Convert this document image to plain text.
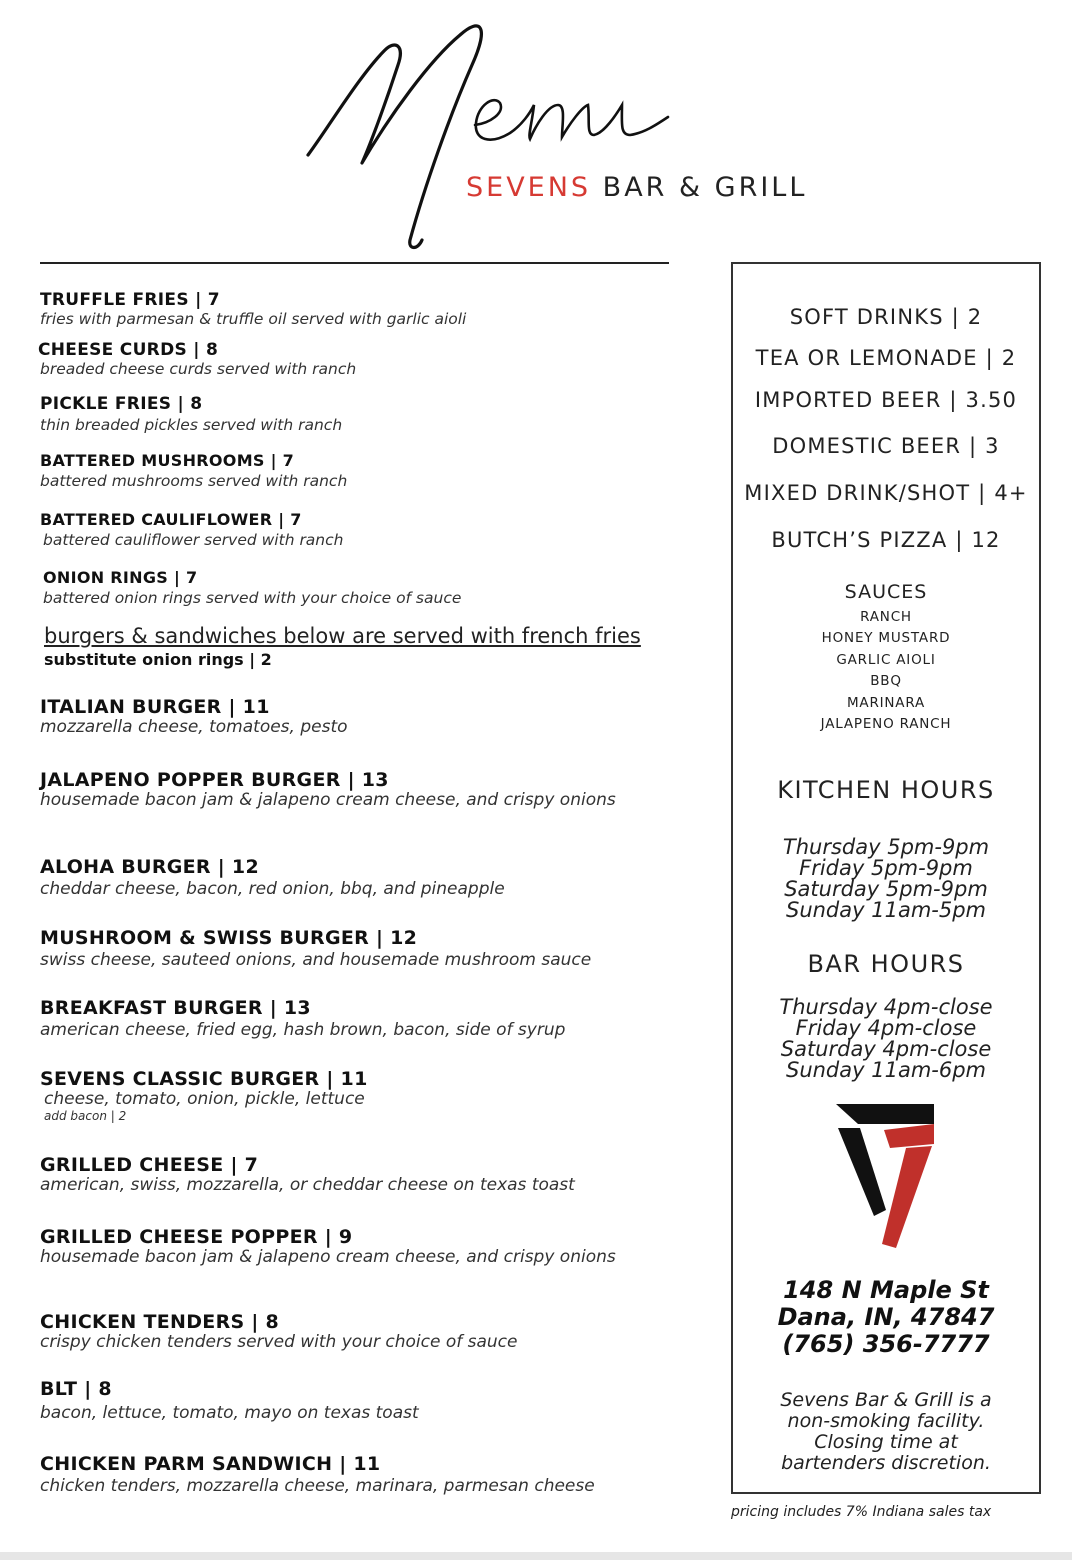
SEVENS BAR & GRILL
TRUFFLE FRIES | 7
fries with parmesan & truffle oil served with garlic aioli
CHEESE CURDS | 8
breaded cheese curds served with ranch
PICKLE FRIES | 8
thin breaded pickles served with ranch
BATTERED MUSHROOMS | 7
battered mushrooms served with ranch
BATTERED CAULIFLOWER | 7
battered cauliflower served with ranch
ONION RINGS | 7
battered onion rings served with your choice of sauce
burgers & sandwiches below are served with french fries
substitute onion rings | 2
ITALIAN BURGER | 11
mozzarella cheese, tomatoes, pesto
JALAPENO POPPER BURGER | 13
housemade bacon jam & jalapeno cream cheese, and crispy onions
ALOHA BURGER | 12
cheddar cheese, bacon, red onion, bbq, and pineapple
MUSHROOM & SWISS BURGER | 12
swiss cheese, sauteed onions, and housemade mushroom sauce
BREAKFAST BURGER | 13
american cheese, fried egg, hash brown, bacon, side of syrup
SEVENS CLASSIC BURGER | 11
cheese, tomato, onion, pickle, lettuce
add bacon | 2
GRILLED CHEESE | 7
american, swiss, mozzarella, or cheddar cheese on texas toast
GRILLED CHEESE POPPER | 9
housemade bacon jam & jalapeno cream cheese, and crispy onions
CHICKEN TENDERS | 8
crispy chicken tenders served with your choice of sauce
BLT | 8
bacon, lettuce, tomato, mayo on texas toast
CHICKEN PARM SANDWICH | 11
chicken tenders, mozzarella cheese, marinara, parmesan cheese
SOFT DRINKS | 2
TEA OR LEMONADE | 2
IMPORTED BEER | 3.50
DOMESTIC BEER | 3
MIXED DRINK/SHOT | 4+
BUTCH’S PIZZA | 12
SAUCES
RANCH
HONEY MUSTARD
GARLIC AIOLI
BBQ
MARINARA
JALAPENO RANCH
KITCHEN HOURS
Thursday 5pm-9pm
Friday 5pm-9pm
Saturday 5pm-9pm
Sunday 11am-5pm
BAR HOURS
Thursday 4pm-close
Friday 4pm-close
Saturday 4pm-close
Sunday 11am-6pm
148 N Maple St
Dana, IN, 47847
(765) 356-7777
Sevens Bar & Grill is a
non-smoking facility.
Closing time at
bartenders discretion.
pricing includes 7% Indiana sales tax
